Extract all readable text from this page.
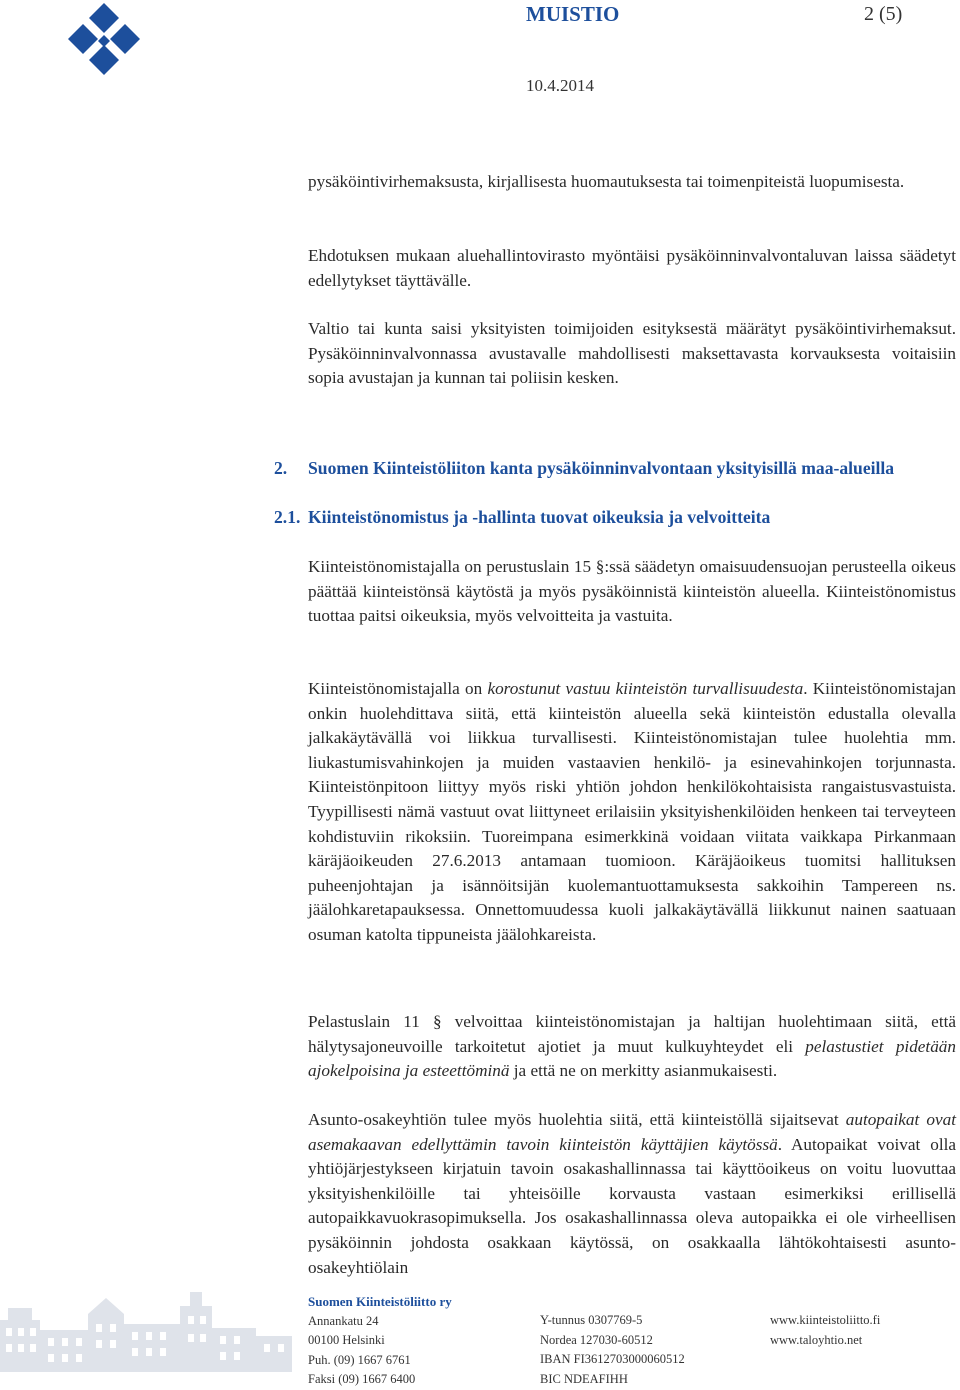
MUISTIO	2 (5)
10.4.2014

pysäköintivirhemaksusta, kirjallisesta huomautuksesta tai toimenpiteistä luopumisesta.

Ehdotuksen mukaan aluehallintovirasto myöntäisi pysäköinninvalvontaluvan laissa säädetyt edellytykset täyttävälle.

Valtio tai kunta saisi yksityisten toimijoiden esityksestä määrätyt pysäköintivirhemaksut. Pysäköinninvalvonnassa avustavalle mahdollisesti maksettavasta korvauksesta voitaisiin sopia avustajan ja kunnan tai poliisin kesken.

2. Suomen Kiinteistöliiton kanta pysäköinninvalvontaan yksityisillä maa-alueilla
2.1. Kiinteistönomistus ja -hallinta tuovat oikeuksia ja velvoitteita

Kiinteistönomistajalla on perustuslain 15 §:ssä säädetyn omaisuudensuojan perusteella oikeus päättää kiinteistönsä käytöstä ja myös pysäköinnistä kiinteistön alueella. Kiinteistönomistus tuottaa paitsi oikeuksia, myös velvoitteita ja vastuita.

Kiinteistönomistajalla on korostunut vastuu kiinteistön turvallisuudesta. Kiinteistönomistajan onkin huolehdittava siitä, että kiinteistön alueella sekä kiinteistön edustalla olevalla jalkakäytävällä voi liikkua turvallisesti. Kiinteistönomistajan tulee huolehtia mm. liukastumisvahinkojen ja muiden vastaavien henkilö- ja esinevahinkojen torjunnasta. Kiinteistönpitoon liittyy myös riski yhtiön johdon henkilökohtaisista rangaistusvastuista. Tyypillisesti nämä vastuut ovat liittyneet erilaisiin yksityishenkilöiden henkeen tai terveyteen kohdistuviin rikoksiin. Tuoreimpana esimerkkinä voidaan viitata vaikkapa Pirkanmaan käräjäoikeuden 27.6.2013 antamaan tuomioon. Käräjäoikeus tuomitsi hallituksen puheenjohtajan ja isännöitsijän kuolemantuottamuksesta sakkoihin Tampereen ns. jäälohkaretapauksessa. Onnettomuudessa kuoli jalkakäytävällä liikkunut nainen saatuaan osuman katolta tippuneista jäälohkareista.

Pelastuslain 11 § velvoittaa kiinteistönomistajan ja haltijan huolehtimaan siitä, että hälytysajoneuvoille tarkoitetut ajotiet ja muut kulkuyhteydet eli pelastustiet pidetään ajokelpoisina ja esteettöminä ja että ne on merkitty asianmukaisesti.

Asunto-osakeyhtiön tulee myös huolehtia siitä, että kiinteistöllä sijaitsevat autopaikat ovat asemakaavan edellyttämin tavoin kiinteistön käyttäjien käytössä. Autopaikat voivat olla yhtiöjärjestykseen kirjatuin tavoin osakashallinnassa tai käyttöoikeus on voitu luovuttaa yksityishenkilöille tai yhteisöille korvausta vastaan esimerkiksi erillisellä autopaikkavuokrasopimuksella. Jos osakashallinnassa oleva autopaikka ei ole virheellisen pysäköinnin johdosta osakkaan käytössä, on osakkaalla lähtökohtaisesti asunto-osakeyhtiölain

Suomen Kiinteistöliitto ry
Annankatu 24
00100 Helsinki
Puh. (09) 1667 6761
Faksi (09) 1667 6400
Y-tunnus 0307769-5
Nordea 127030-60512
IBAN FI3612703000060512
BIC NDEAFIHH
www.kiinteistoliitto.fi
www.taloyhtio.net
